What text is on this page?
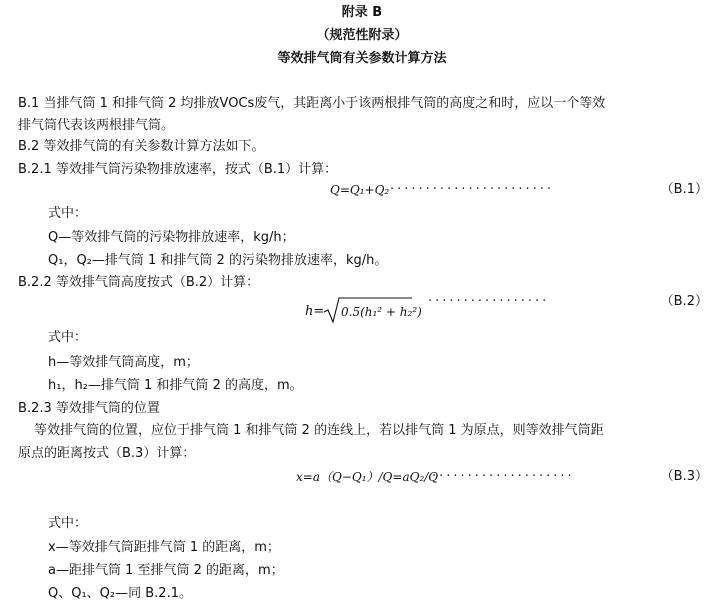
附录 B
（规范性附录）
等效排气筒有关参数计算方法
B.1 当排气筒 1 和排气筒 2 均排放VOCs废气，其距离小于该两根排气筒的高度之和时，应以一个等效
排气筒代表该两根排气筒。
B.2 等效排气筒的有关参数计算方法如下。
B.2.1 等效排气筒污染物排放速率，按式（B.1）计算：
Q=Q₁+Q₂ ·······················	（B.1）
式中：
Q—等效排气筒的污染物排放速率，kg/h；
Q₁，Q₂—排气筒 1 和排气筒 2 的污染物排放速率，kg/h。
B.2.2 等效排气筒高度按式（B.2）计算：
h= 0.5(h₁² + h₂²)
·················	（B.2）
式中：
h—等效排气筒高度，m；
h₁，h₂—排气筒 1 和排气筒 2 的高度，m。
B.2.3 等效排气筒的位置
等效排气筒的位置，应位于排气筒 1 和排气筒 2 的连线上，若以排气筒 1 为原点，则等效排气筒距
原点的距离按式（B.3）计算：
x=a（Q−Q₁）/Q=aQ₂/Q
····················	（B.3）
式中：
x—等效排气筒距排气筒 1 的距离，m；
a—距排气筒 1 至排气筒 2 的距离，m；
Q、Q₁、Q₂—同 B.2.1。
